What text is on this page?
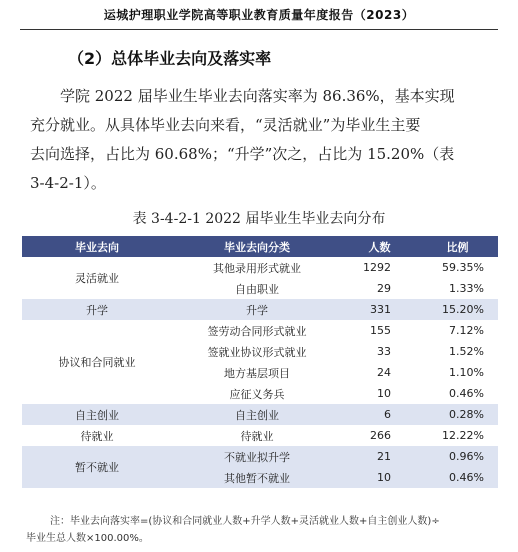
运城护理职业学院高等职业教育质量年度报告（2023）
（2）总体毕业去向及落实率
学院 2022 届毕业生毕业去向落实率为 86.36%，基本实现
充分就业。从具体毕业去向来看，“灵活就业”为毕业生主要
去向选择，占比为 60.68%；“升学”次之，占比为 15.20%（表
3-4-2-1）。
表 3-4-2-1 2022 届毕业生毕业去向分布
毕业去向	毕业去向分类	人数	比例
灵活就业	其他录用形式就业	1292	59.35%
	自由职业	29	1.33%
升学	升学	331	15.20%
协议和合同就业	签劳动合同形式就业	155	7.12%
	签就业协议形式就业	33	1.52%
	地方基层项目	24	1.10%
	应征义务兵	10	0.46%
自主创业	自主创业	6	0.28%
待就业	待就业	266	12.22%
暂不就业	不就业拟升学	21	0.96%
	其他暂不就业	10	0.46%
注：毕业去向落实率=(协议和合同就业人数+升学人数+灵活就业人数+自主创业人数)÷
毕业生总人数×100.00%。
